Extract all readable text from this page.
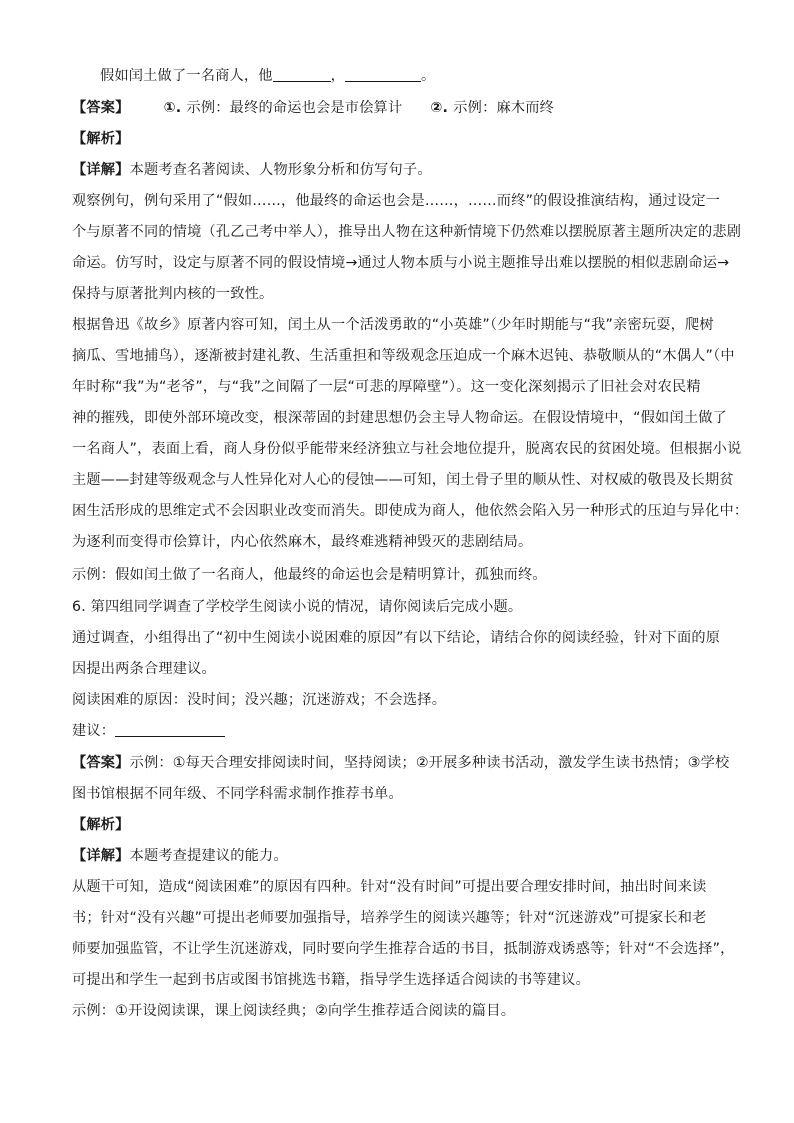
假如闰土做了一名商人，他	，	。
【答案】 ①. 示例：最终的命运也会是市侩算计 ②. 示例：麻木而终
【解析】
【详解】本题考查名著阅读、人物形象分析和仿写句子。
观察例句，例句采用了“假如……，他最终的命运也会是……，……而终”的假设推演结构，通过设定一
个与原著不同的情境（孔乙己考中举人），推导出人物在这种新情境下仍然难以摆脱原著主题所决定的悲剧
命运。仿写时，设定与原著不同的假设情境→通过人物本质与小说主题推导出难以摆脱的相似悲剧命运→
保持与原著批判内核的一致性。
根据鲁迅《故乡》原著内容可知，闰土从一个活泼勇敢的“小英雄”（少年时期能与“我”亲密玩耍，爬树
摘瓜、雪地捕鸟），逐渐被封建礼教、生活重担和等级观念压迫成一个麻木迟钝、恭敬顺从的“木偶人”（中
年时称“我”为“老爷”，与“我”之间隔了一层“可悲的厚障壁”）。这一变化深刻揭示了旧社会对农民精
神的摧残，即使外部环境改变，根深蒂固的封建思想仍会主导人物命运。在假设情境中，“假如闰土做了
一名商人”，表面上看，商人身份似乎能带来经济独立与社会地位提升，脱离农民的贫困处境。但根据小说
主题——封建等级观念与人性异化对人心的侵蚀——可知，闰土骨子里的顺从性、对权威的敬畏及长期贫
困生活形成的思维定式不会因职业改变而消失。即使成为商人，他依然会陷入另一种形式的压迫与异化中：
为逐利而变得市侩算计，内心依然麻木，最终难逃精神毁灭的悲剧结局。
示例：假如闰土做了一名商人，他最终的命运也会是精明算计，孤独而终。
6. 第四组同学调查了学校学生阅读小说的情况，请你阅读后完成小题。
通过调查，小组得出了“初中生阅读小说困难的原因”有以下结论，请结合你的阅读经验，针对下面的原
因提出两条合理建议。
阅读困难的原因：没时间；没兴趣；沉迷游戏；不会选择。
建议：
【答案】示例：①每天合理安排阅读时间，坚持阅读；②开展多种读书活动，激发学生读书热情；③学校
图书馆根据不同年级、不同学科需求制作推荐书单。
【解析】
【详解】本题考查提建议的能力。
从题干可知，造成“阅读困难”的原因有四种。针对“没有时间”可提出要合理安排时间，抽出时间来读
书；针对“没有兴趣”可提出老师要加强指导，培养学生的阅读兴趣等；针对“沉迷游戏”可提家长和老
师要加强监管，不让学生沉迷游戏，同时要向学生推荐合适的书目，抵制游戏诱惑等；针对“不会选择”，
可提出和学生一起到书店或图书馆挑选书籍，指导学生选择适合阅读的书等建议。
示例：①开设阅读课，课上阅读经典；②向学生推荐适合阅读的篇目。
